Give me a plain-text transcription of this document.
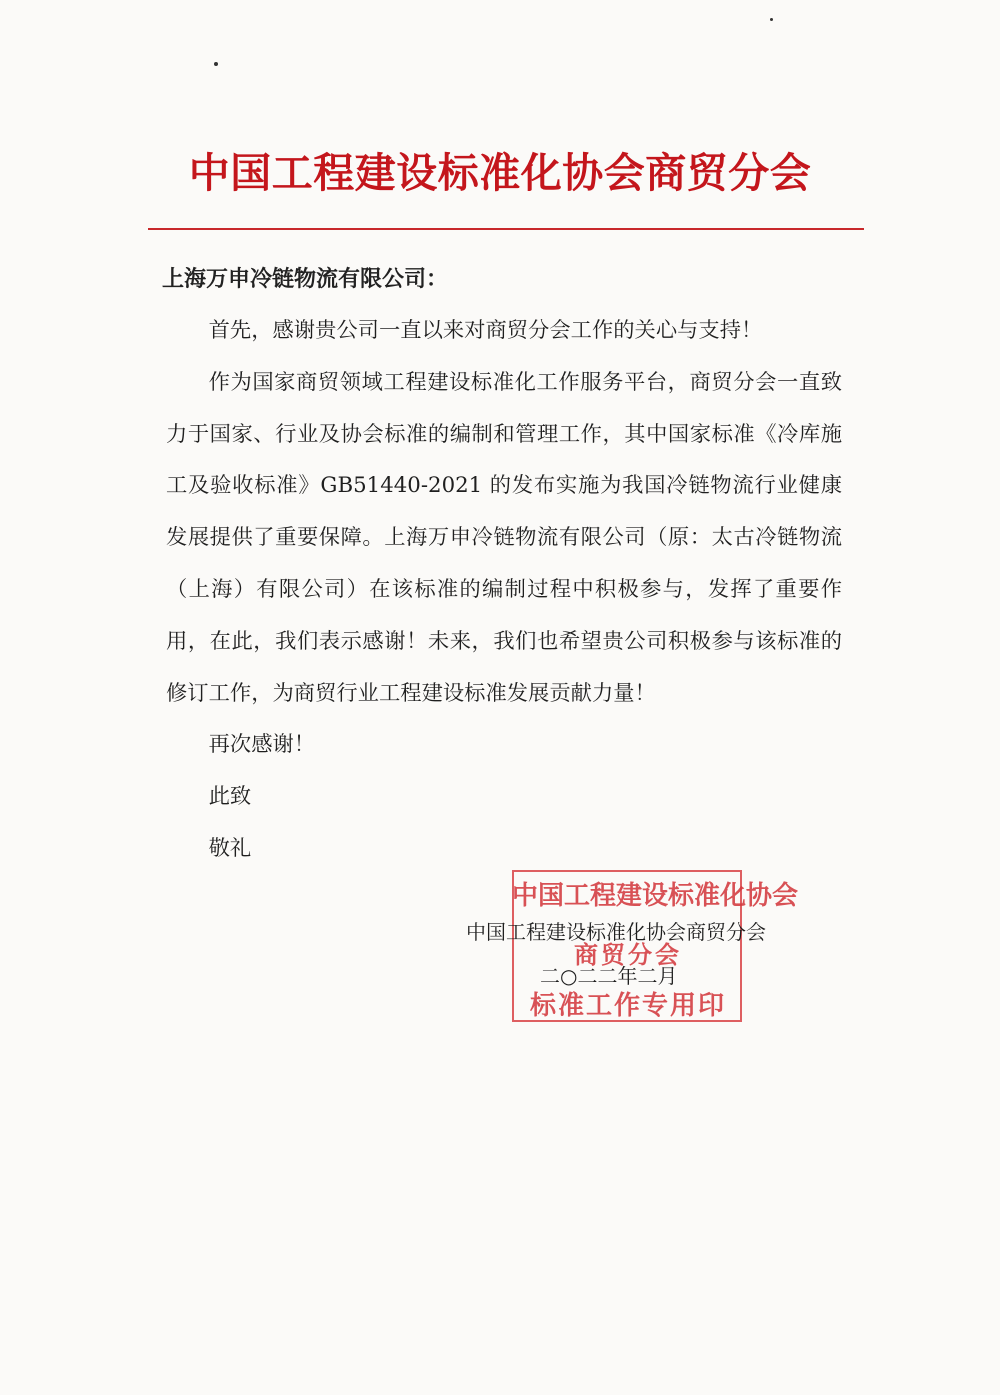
中国工程建设标准化协会商贸分会
上海万申冷链物流有限公司：

首先，感谢贵公司一直以来对商贸分会工作的关心与支持！

作为国家商贸领域工程建设标准化工作服务平台，商贸分会一直致力于国家、行业及协会标准的编制和管理工作，其中国家标准《冷库施工及验收标准》GB51440-2021 的发布实施为我国冷链物流行业健康发展提供了重要保障。上海万申冷链物流有限公司（原：太古冷链物流（上海）有限公司）在该标准的编制过程中积极参与，发挥了重要作用，在此，我们表示感谢！未来，我们也希望贵公司积极参与该标准的修订工作，为商贸行业工程建设标准发展贡献力量！

再次感谢！

此致

敬礼

中国工程建设标准化协会
商贸分会
标准工作专用印
中国工程建设标准化协会商贸分会
二○二二年二月
